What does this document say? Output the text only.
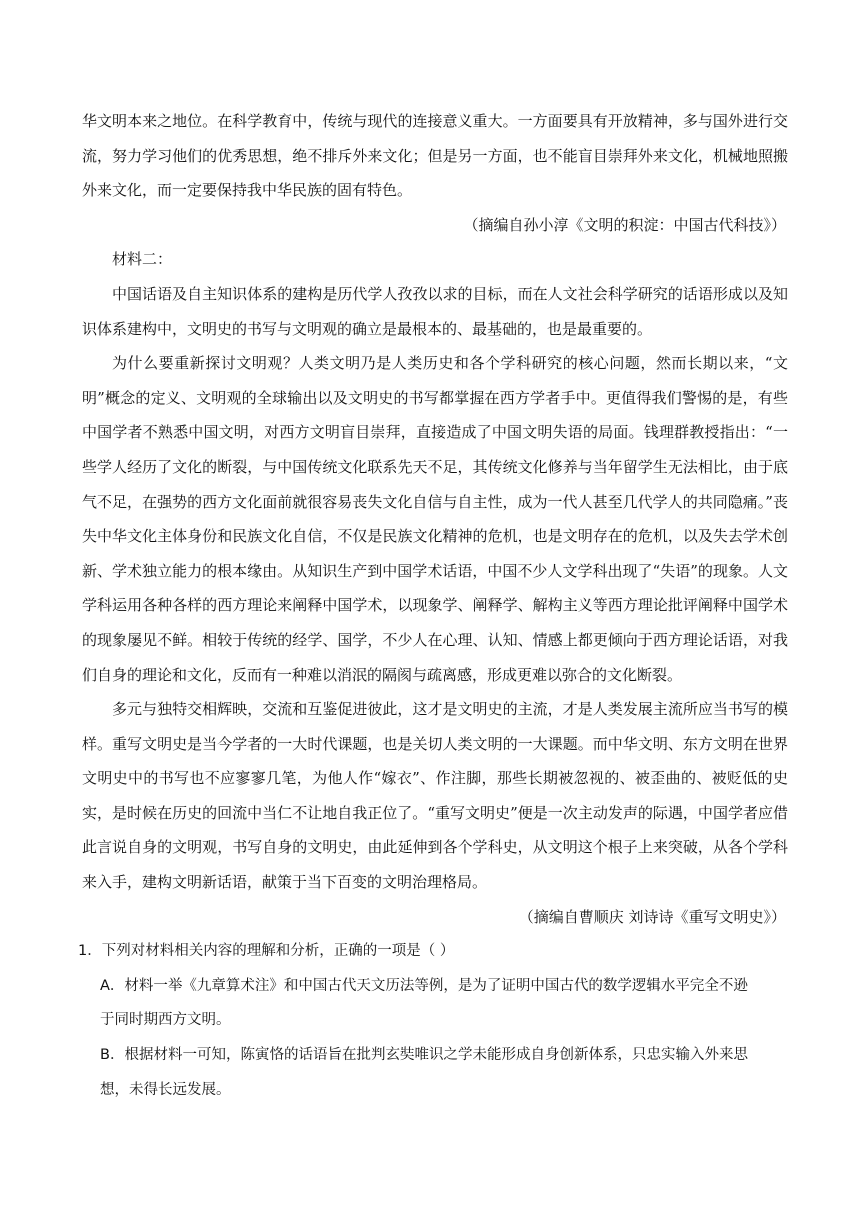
华文明本来之地位。在科学教育中，传统与现代的连接意义重大。一方面要具有开放精神，多与国外进行交流，努力学习他们的优秀思想，绝不排斥外来文化；但是另一方面，也不能盲目崇拜外来文化，机械地照搬外来文化，而一定要保持我中华民族的固有特色。

（摘编自孙小淳《文明的积淀：中国古代科技》）

材料二：

中国话语及自主知识体系的建构是历代学人孜孜以求的目标，而在人文社会科学研究的话语形成以及知识体系建构中，文明史的书写与文明观的确立是最根本的、最基础的，也是最重要的。

为什么要重新探讨文明观？人类文明乃是人类历史和各个学科研究的核心问题，然而长期以来，“文明”概念的定义、文明观的全球输出以及文明史的书写都掌握在西方学者手中。更值得我们警惕的是，有些中国学者不熟悉中国文明，对西方文明盲目崇拜，直接造成了中国文明失语的局面。钱理群教授指出：“一些学人经历了文化的断裂，与中国传统文化联系先天不足，其传统文化修养与当年留学生无法相比，由于底气不足，在强势的西方文化面前就很容易丧失文化自信与自主性，成为一代人甚至几代学人的共同隐痛。”丧失中华文化主体身份和民族文化自信，不仅是民族文化精神的危机，也是文明存在的危机，以及失去学术创新、学术独立能力的根本缘由。从知识生产到中国学术话语，中国不少人文学科出现了“失语”的现象。人文学科运用各种各样的西方理论来阐释中国学术，以现象学、阐释学、解构主义等西方理论批评阐释中国学术的现象屡见不鲜。相较于传统的经学、国学，不少人在心理、认知、情感上都更倾向于西方理论话语，对我们自身的理论和文化，反而有一种难以消泯的隔阂与疏离感，形成更难以弥合的文化断裂。

多元与独特交相辉映，交流和互鉴促进彼此，这才是文明史的主流，才是人类发展主流所应当书写的模样。重写文明史是当今学者的一大时代课题，也是关切人类文明的一大课题。而中华文明、东方文明在世界文明史中的书写也不应寥寥几笔，为他人作“嫁衣”、作注脚，那些长期被忽视的、被歪曲的、被贬低的史实，是时候在历史的回流中当仁不让地自我正位了。“重写文明史”便是一次主动发声的际遇，中国学者应借此言说自身的文明观，书写自身的文明史，由此延伸到各个学科史，从文明这个根子上来突破，从各个学科来入手，建构文明新话语，献策于当下百变的文明治理格局。

（摘编自曹顺庆 刘诗诗《重写文明史》）

1．下列对材料相关内容的理解和分析，正确的一项是（ ）

A．材料一举《九章算术注》和中国古代天文历法等例，是为了证明中国古代的数学逻辑水平完全不逊

于同时期西方文明。

B．根据材料一可知，陈寅恪的话语旨在批判玄奘唯识之学未能形成自身创新体系，只忠实输入外来思

想，未得长远发展。
